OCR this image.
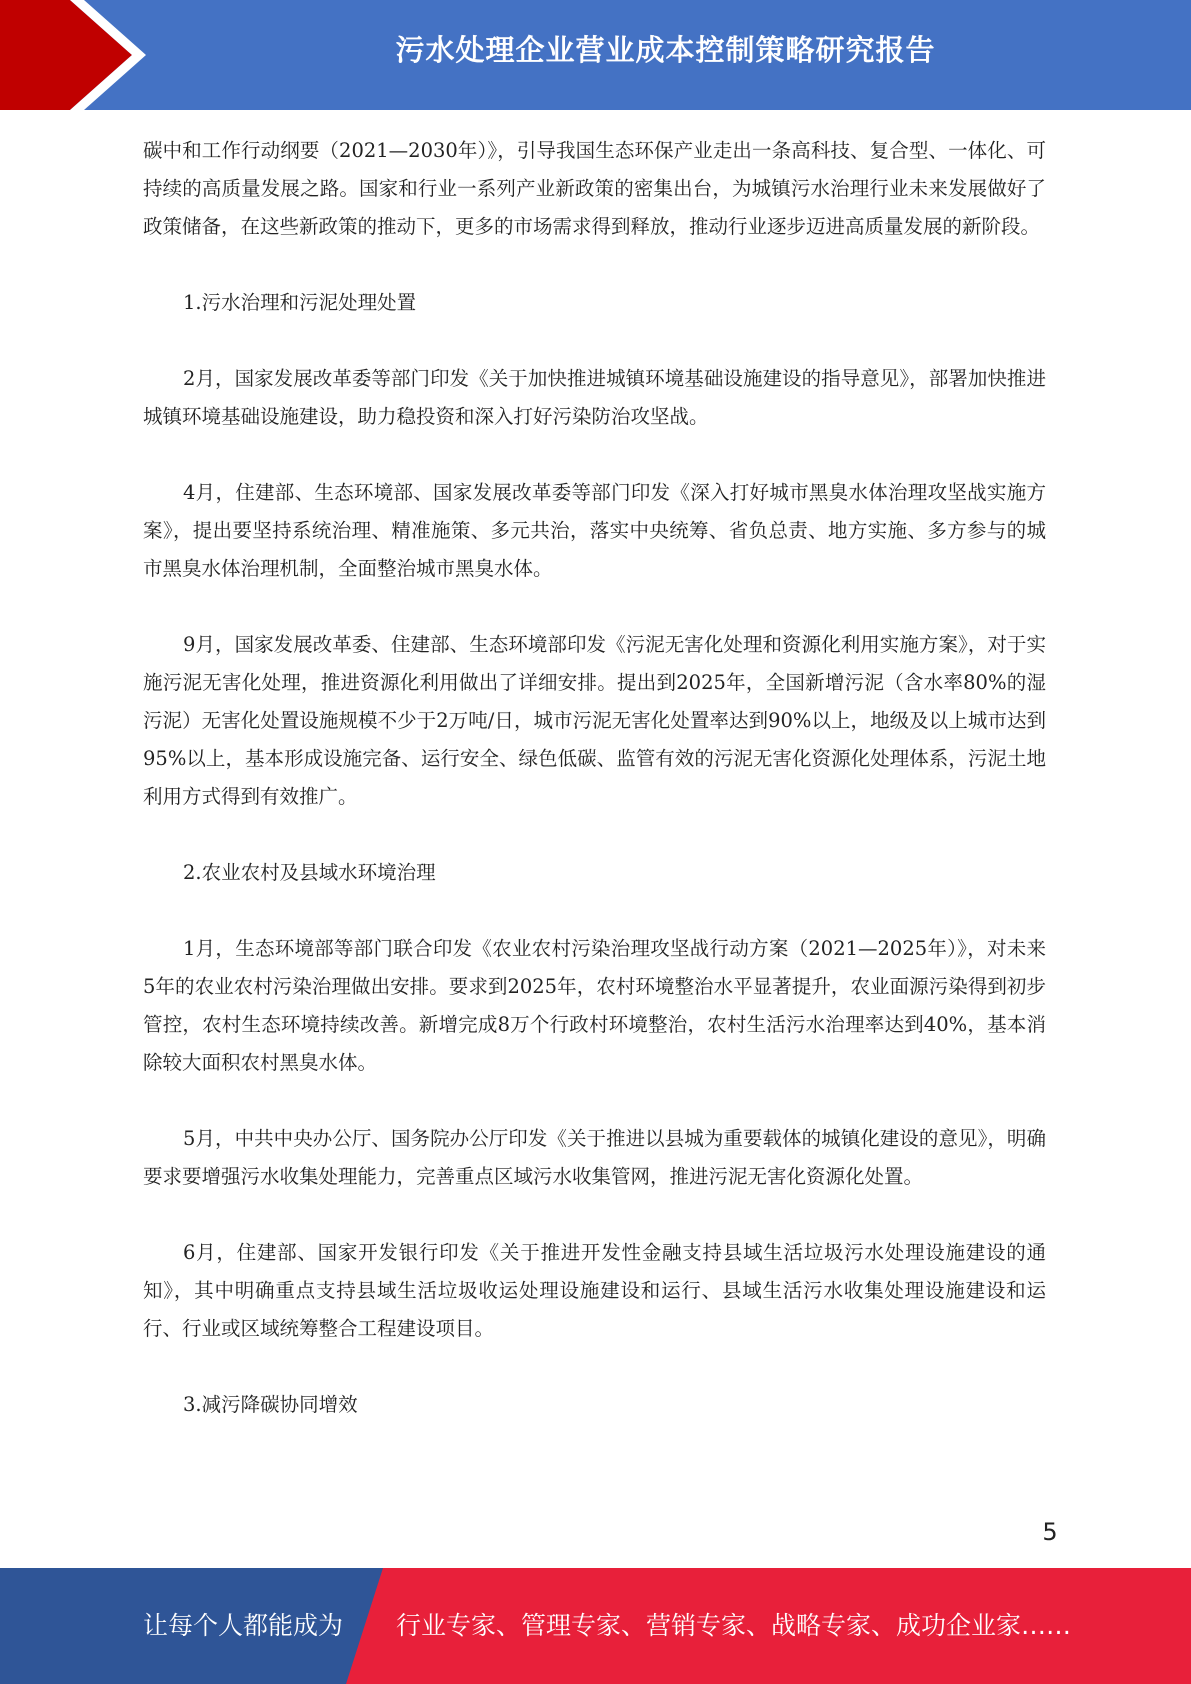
污水处理企业营业成本控制策略研究报告

碳中和工作行动纲要（2021—2030年）》，引导我国生态环保产业走出一条高科技、复合型、一体化、可持续的高质量发展之路。国家和行业一系列产业新政策的密集出台，为城镇污水治理行业未来发展做好了政策储备，在这些新政策的推动下，更多的市场需求得到释放，推动行业逐步迈进高质量发展的新阶段。

1.污水治理和污泥处理处置

2月，国家发展改革委等部门印发《关于加快推进城镇环境基础设施建设的指导意见》，部署加快推进城镇环境基础设施建设，助力稳投资和深入打好污染防治攻坚战。

4月，住建部、生态环境部、国家发展改革委等部门印发《深入打好城市黑臭水体治理攻坚战实施方案》，提出要坚持系统治理、精准施策、多元共治，落实中央统筹、省负总责、地方实施、多方参与的城市黑臭水体治理机制，全面整治城市黑臭水体。

9月，国家发展改革委、住建部、生态环境部印发《污泥无害化处理和资源化利用实施方案》，对于实施污泥无害化处理，推进资源化利用做出了详细安排。提出到2025年，全国新增污泥（含水率80%的湿污泥）无害化处置设施规模不少于2万吨/日，城市污泥无害化处置率达到90%以上，地级及以上城市达到95%以上，基本形成设施完备、运行安全、绿色低碳、监管有效的污泥无害化资源化处理体系，污泥土地利用方式得到有效推广。

2.农业农村及县域水环境治理

1月，生态环境部等部门联合印发《农业农村污染治理攻坚战行动方案（2021—2025年）》，对未来5年的农业农村污染治理做出安排。要求到2025年，农村环境整治水平显著提升，农业面源污染得到初步管控，农村生态环境持续改善。新增完成8万个行政村环境整治，农村生活污水治理率达到40%，基本消除较大面积农村黑臭水体。

5月，中共中央办公厅、国务院办公厅印发《关于推进以县城为重要载体的城镇化建设的意见》，明确要求要增强污水收集处理能力，完善重点区域污水收集管网，推进污泥无害化资源化处置。

6月，住建部、国家开发银行印发《关于推进开发性金融支持县域生活垃圾污水处理设施建设的通知》，其中明确重点支持县域生活垃圾收运处理设施建设和运行、县域生活污水收集处理设施建设和运行、行业或区域统筹整合工程建设项目。

3.减污降碳协同增效

5
让每个人都能成为 行业专家、管理专家、营销专家、战略专家、成功企业家……
